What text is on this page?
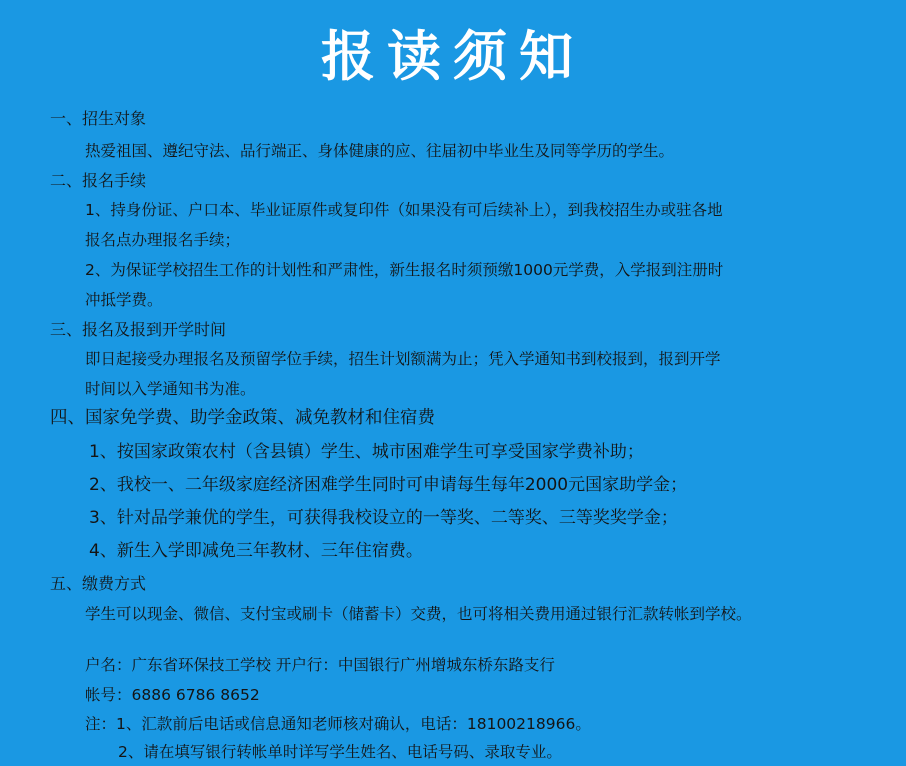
报读须知
一、招生对象
热爱祖国、遵纪守法、品行端正、身体健康的应、往届初中毕业生及同等学历的学生。
二、报名手续
1、持身份证、户口本、毕业证原件或复印件（如果没有可后续补上），到我校招生办或驻各地
报名点办理报名手续；
2、为保证学校招生工作的计划性和严肃性，新生报名时须预缴1000元学费，入学报到注册时
冲抵学费。
三、报名及报到开学时间
即日起接受办理报名及预留学位手续，招生计划额满为止；凭入学通知书到校报到，报到开学
时间以入学通知书为准。
四、国家免学费、助学金政策、减免教材和住宿费
1、按国家政策农村（含县镇）学生、城市困难学生可享受国家学费补助；
2、我校一、二年级家庭经济困难学生同时可申请每生每年2000元国家助学金；
3、针对品学兼优的学生，可获得我校设立的一等奖、二等奖、三等奖奖学金；
4、新生入学即减免三年教材、三年住宿费。
五、缴费方式
学生可以现金、微信、支付宝或刷卡（储蓄卡）交费，也可将相关费用通过银行汇款转帐到学校。
户名：广东省环保技工学校 开户行：中国银行广州增城东桥东路支行
帐号：6886 6786 8652
注：1、汇款前后电话或信息通知老师核对确认，电话：18100218966。
2、请在填写银行转帐单时详写学生姓名、电话号码、录取专业。
